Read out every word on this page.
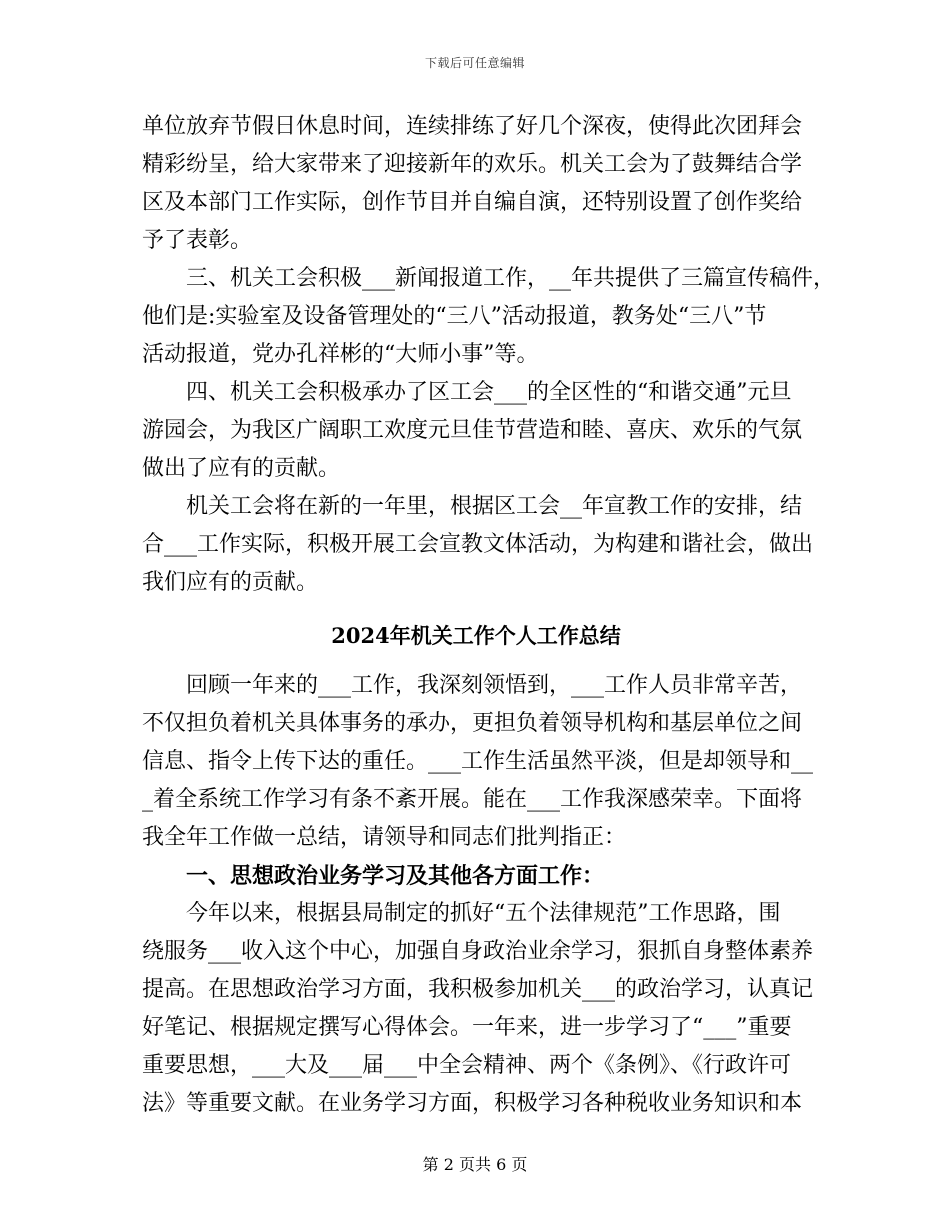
下载后可任意编辑

单位放弃节假日休息时间，连续排练了好几个深夜，使得此次团拜会

精彩纷呈，给大家带来了迎接新年的欢乐。机关工会为了鼓舞结合学

区及本部门工作实际，创作节目并自编自演，还特别设置了创作奖给

予了表彰。

三、机关工会积极___新闻报道工作，__年共提供了三篇宣传稿件，

他们是:实验室及设备管理处的“三八”活动报道，教务处“三八”节

活动报道，党办孔祥彬的“大师小事”等。

四、机关工会积极承办了区工会___的全区性的“和谐交通”元旦

游园会，为我区广阔职工欢度元旦佳节营造和睦、喜庆、欢乐的气氛

做出了应有的贡献。

机关工会将在新的一年里，根据区工会__年宣教工作的安排，结

合___工作实际，积极开展工会宣教文体活动，为构建和谐社会，做出

我们应有的贡献。

2024年机关工作个人工作总结

回顾一年来的___工作，我深刻领悟到，___工作人员非常辛苦，

不仅担负着机关具体事务的承办，更担负着领导机构和基层单位之间

信息、指令上传下达的重任。___工作生活虽然平淡，但是却领导和__

_着全系统工作学习有条不紊开展。能在___工作我深感荣幸。下面将

我全年工作做一总结，请领导和同志们批判指正：

一、思想政治业务学习及其他各方面工作：

今年以来，根据县局制定的抓好“五个法律规范”工作思路，围

绕服务___收入这个中心，加强自身政治业余学习，狠抓自身整体素养

提高。在思想政治学习方面，我积极参加机关___的政治学习，认真记

好笔记、根据规定撰写心得体会。一年来，进一步学习了“___”重要

重要思想，___大及___届___中全会精神、两个《条例》、《行政许可

法》等重要文献。在业务学习方面，积极学习各种税收业务知识和本

第 2 页共 6 页
